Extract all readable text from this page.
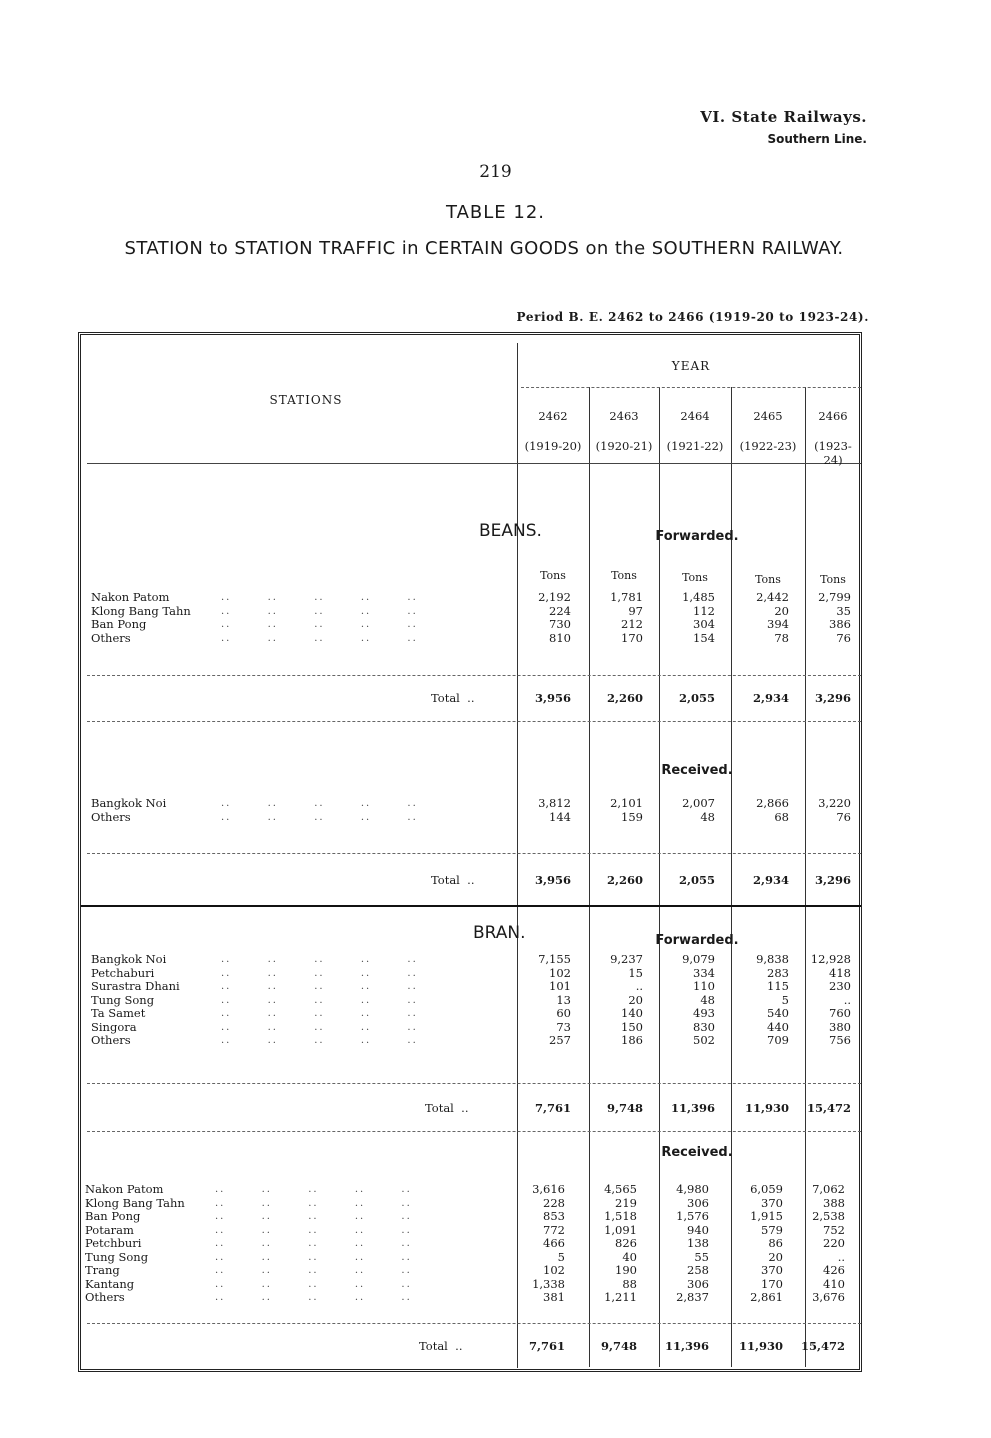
VI. State Railways.
Southern Line.
219
TABLE 12.
STATION to STATION TRAFFIC in CERTAIN GOODS on the SOUTHERN RAILWAY.
Period B. E. 2462 to 2466 (1919-20 to 1923-24).
YEAR
STATIONS
2462
(1919-20)
2463
(1920-21)
2464
(1921-22)
2465
(1922-23)
2466
(1923-24)
BEANS.	Forwarded.
Tons	Tons	Tons	Tons	Tons
Nakon Patom	..       ..       ..       ..       ..	2,192	1,781	1,485	2,442	2,799
Klong Bang Tahn	..       ..       ..       ..       ..	224	97	112	20	35
Ban Pong	..       ..       ..       ..       ..	730	212	304	394	386
Others	..       ..       ..       ..       ..	810	170	154	78	76
Total  ..	3,956	2,260	2,055	2,934 3,296
Received.
Bangkok Noi	..       ..       ..       ..       ..	3,812	2,101	2,007	2,866	3,220
Others	..       ..       ..       ..       ..	144	159	48	68	76
Total  ..	3,956	2,260	2,055	2,934 3,296
BRAN.	Forwarded.
Bangkok Noi	..       ..       ..       ..       ..	7,155	9,237	9,079	9,838 12,928
Petchaburi	..       ..       ..       ..       ..	102	15	334	283	418
Surastra Dhani	..       ..       ..       ..       ..	101	..	110	115	230
Tung Song	..       ..       ..       ..       ..	13	20	48	5	..
Ta Samet	..       ..       ..       ..       ..	60	140	493	540	760
Singora	..       ..       ..       ..       ..	73	150	830	440	380
Others	..       ..       ..       ..       ..	257	186	502	709	756
Total  ..	7,761	9,748 11,396	11,930 15,472
Received.
Nakon Patom	..       ..       ..       ..       ..	3,616	4,565	4,980	6,059	7,062
Klong Bang Tahn	..       ..       ..       ..       ..	228	219	306	370	388
Ban Pong	..       ..       ..       ..       ..	853	1,518	1,576	1,915	2,538
Potaram	..       ..       ..       ..       ..	772	1,091	940	579	752
Petchburi	..       ..       ..       ..       ..	466	826	138	86	220
Tung Song	..       ..       ..       ..       ..	5	40	55	20	..
Trang	..       ..       ..       ..       ..	102	190	258	370	426
Kantang	..       ..       ..       ..       ..	1,338	88	306	170	410
Others	..       ..       ..       ..       ..	381	1,211	2,837	2,861	3,676
Total  ..	7,761	9,748 11,396	11,930 15,472
